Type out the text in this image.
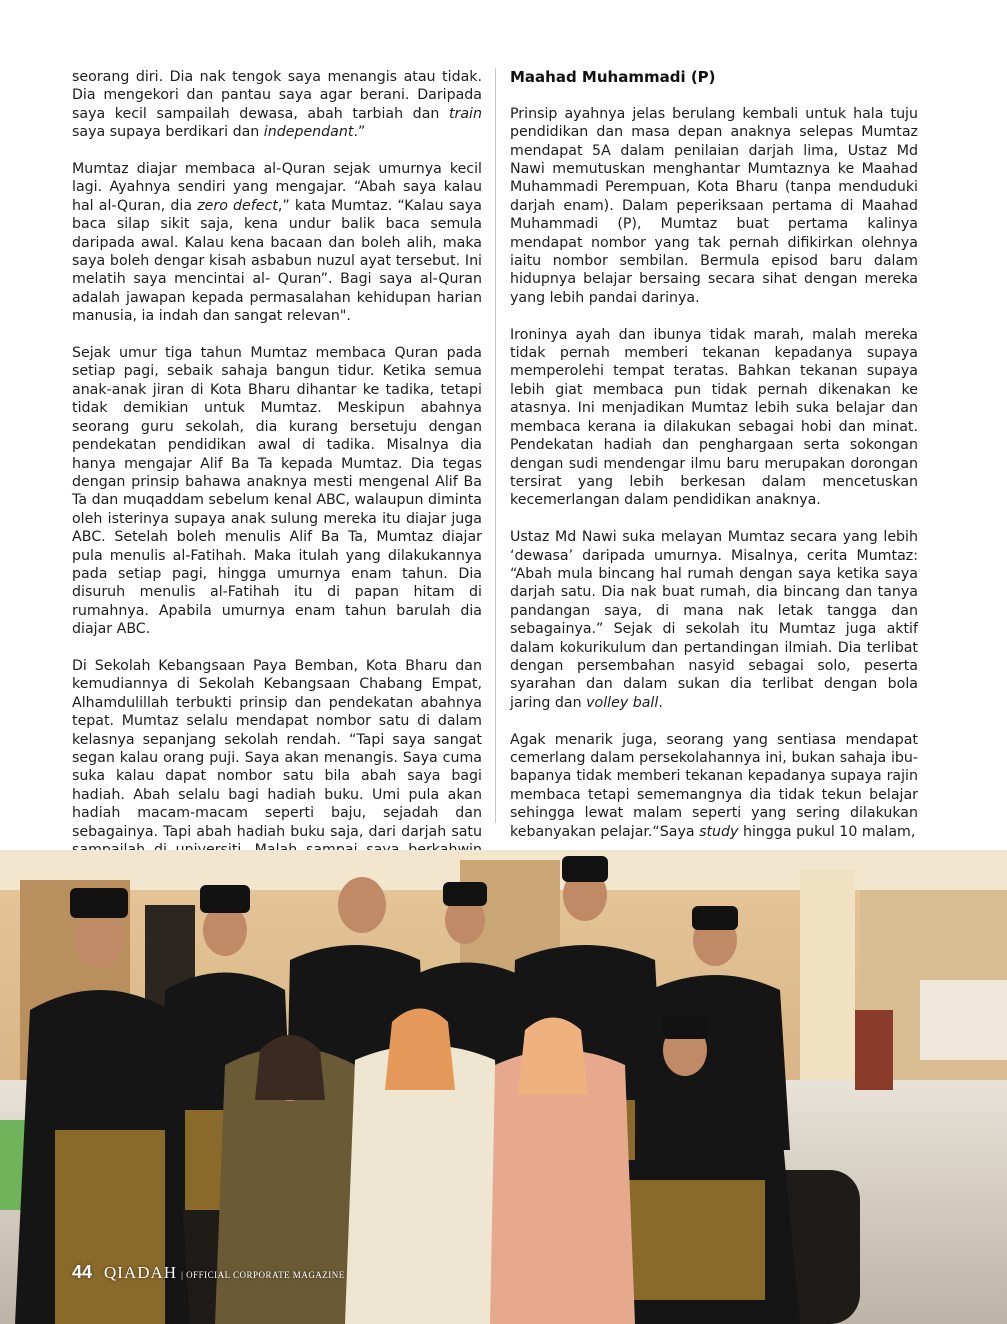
seorang diri. Dia nak tengok saya menangis atau tidak. Dia mengekori dan pantau saya agar berani. Daripada saya kecil sampailah dewasa, abah tarbiah dan train saya supaya berdikari dan independant.”

Mumtaz diajar membaca al-Quran sejak umurnya kecil lagi. Ayahnya sendiri yang mengajar. “Abah saya kalau hal al-Quran, dia zero defect,” kata Mumtaz. “Kalau saya baca silap sikit saja, kena undur balik baca semula daripada awal. Kalau kena bacaan dan boleh alih, maka saya boleh dengar kisah asbabun nuzul ayat tersebut. Ini melatih saya mencintai al- Quran”. Bagi saya al-Quran adalah jawapan kepada permasalahan kehidupan harian manusia, ia indah dan sangat relevan".

Sejak umur tiga tahun Mumtaz membaca Quran pada setiap pagi, sebaik sahaja bangun tidur. Ketika semua anak-anak jiran di Kota Bharu dihantar ke tadika, tetapi tidak demikian untuk Mumtaz. Meskipun abahnya seorang guru sekolah, dia kurang bersetuju dengan pendekatan pendidikan awal di tadika. Misalnya dia hanya mengajar Alif Ba Ta kepada Mumtaz. Dia tegas dengan prinsip bahawa anaknya mesti mengenal Alif Ba Ta dan muqaddam sebelum kenal ABC, walaupun diminta oleh isterinya supaya anak sulung mereka itu diajar juga ABC. Setelah boleh menulis Alif Ba Ta, Mumtaz diajar pula menulis al-Fatihah. Maka itulah yang dilakukannya pada setiap pagi, hingga umurnya enam tahun. Dia disuruh menulis al-Fatihah itu di papan hitam di rumahnya. Apabila umurnya enam tahun barulah dia diajar ABC.

Di Sekolah Kebangsaan Paya Bemban, Kota Bharu dan kemudiannya di Sekolah Kebangsaan Chabang Empat, Alhamdulillah terbukti prinsip dan pendekatan abahnya tepat. Mumtaz selalu mendapat nombor satu di dalam kelasnya sepanjang sekolah rendah. “Tapi saya sangat segan kalau orang puji. Saya akan menangis. Saya cuma suka kalau dapat nombor satu bila abah saya bagi hadiah. Abah selalu bagi hadiah buku. Umi pula akan hadiah macam-macam seperti baju, sejadah dan sebagainya. Tapi abah hadiah buku saja, dari darjah satu

Maahad Muhammadi (P)

Prinsip ayahnya jelas berulang kembali untuk hala tuju pendidikan dan masa depan anaknya selepas Mumtaz mendapat 5A dalam penilaian darjah lima, Ustaz Md Nawi memutuskan menghantar Mumtaznya ke Maahad Muhammadi Perempuan, Kota Bharu (tanpa menduduki darjah enam). Dalam peperiksaan pertama di Maahad Muhammadi (P), Mumtaz buat pertama kalinya mendapat nombor yang tak pernah difikirkan olehnya iaitu nombor sembilan. Bermula episod baru dalam hidupnya belajar bersaing secara sihat dengan mereka yang lebih pandai darinya.

Ironinya ayah dan ibunya tidak marah, malah mereka tidak pernah memberi tekanan kepadanya supaya memperolehi tempat teratas. Bahkan tekanan supaya lebih giat membaca pun tidak pernah dikenakan ke atasnya. Ini menjadikan Mumtaz lebih suka belajar dan membaca kerana ia dilakukan sebagai hobi dan minat. Pendekatan hadiah dan penghargaan serta sokongan dengan sudi mendengar ilmu baru merupakan dorongan tersirat yang lebih berkesan dalam mencetuskan kecemerlangan dalam pendidikan anaknya.

Ustaz Md Nawi suka melayan Mumtaz secara yang lebih ‘dewasa’ daripada umurnya. Misalnya, cerita Mumtaz: “Abah mula bincang hal rumah dengan saya ketika saya darjah satu. Dia nak buat rumah, dia bincang dan tanya pandangan saya, di mana nak letak tangga dan sebagainya.” Sejak di sekolah itu Mumtaz juga aktif dalam kokurikulum dan pertandingan ilmiah. Dia terlibat dengan persembahan nasyid sebagai solo, peserta syarahan dan dalam sukan dia terlibat dengan bola jaring dan volley ball.

Agak menarik juga, seorang yang sentiasa mendapat cemerlang dalam persekolahannya ini, bukan sahaja ibu-bapanya tidak memberi tekanan kepadanya supaya rajin membaca tetapi sememangnya dia tidak tekun belajar sehingga lewat malam seperti yang sering dilakukan kebanyakan pelajar.“Saya study hingga pukul 10 malam,

44 QIADAH | OFFICIAL CORPORATE MAGAZINE
